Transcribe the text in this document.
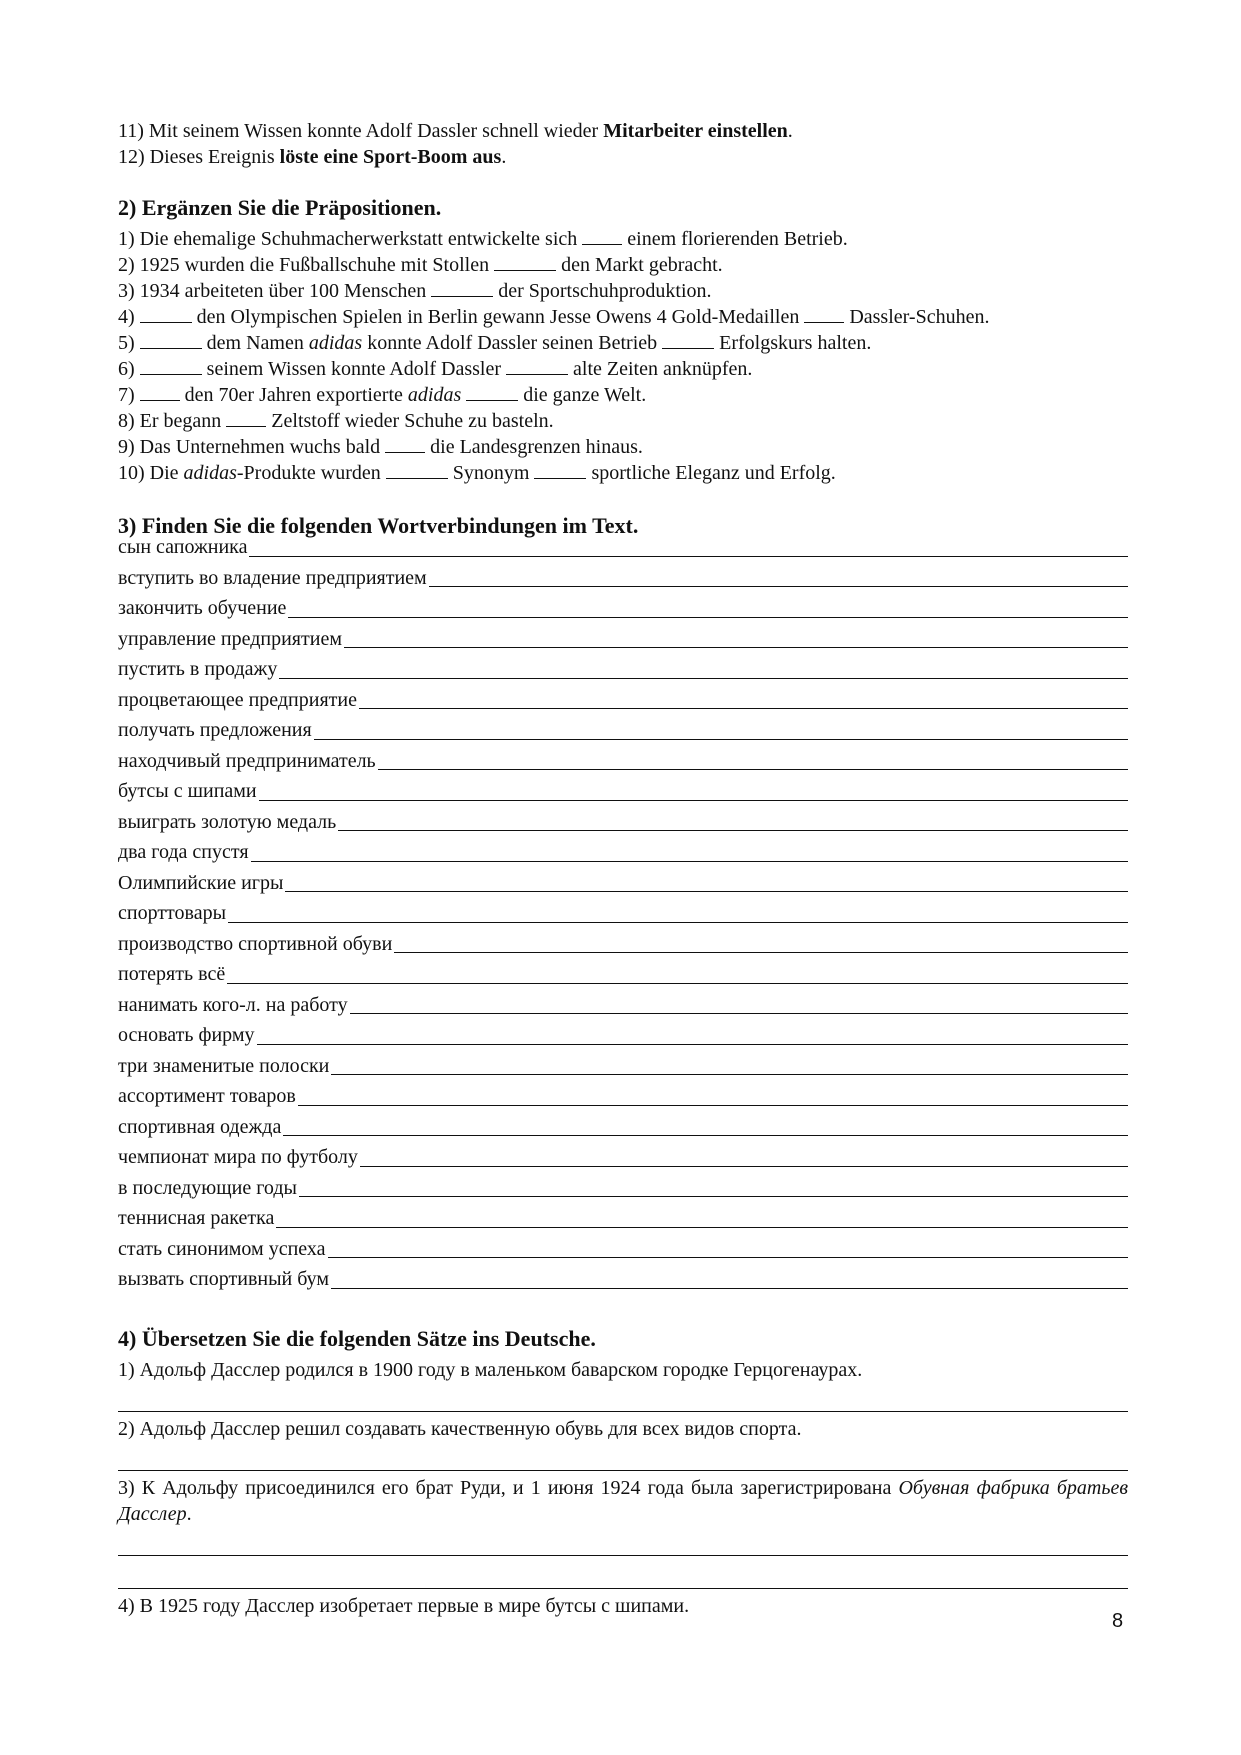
11) Mit seinem Wissen konnte Adolf Dassler schnell wieder Mitarbeiter einstellen.
12) Dieses Ereignis löste eine Sport-Boom aus.
2) Ergänzen Sie die Präpositionen.
1) Die ehemalige Schuhmacherwerkstatt entwickelte sich  einem florierenden Betrieb.
2) 1925 wurden die Fußballschuhe mit Stollen	den Markt gebracht.
3) 1934 arbeiteten über 100 Menschen	der Sportschuhproduktion.
4)	den Olympischen Spielen in Berlin gewann Jesse Owens 4 Gold-Medaillen  Dassler-Schuhen.
5)	dem Namen adidas konnte Adolf Dassler seinen Betrieb	Erfolgskurs halten.
6)	seinem Wissen konnte Adolf Dassler	alte Zeiten anknüpfen.
7)  den 70er Jahren exportierte adidas	die ganze Welt.
8) Er begann  Zeltstoff wieder Schuhe zu basteln.
9) Das Unternehmen wuchs bald  die Landesgrenzen hinaus.
10) Die adidas-Produkte wurden	Synonym	sportliche Eleganz und Erfolg.
3) Finden Sie die folgenden Wortverbindungen im Text.
сын сапожника
вступить во владение предприятием
закончить обучение
управление предприятием
пустить в продажу
процветающее предприятие
получать предложения
находчивый предприниматель
бутсы с шипами
выиграть золотую медаль
два года спустя
Олимпийские игры
спорттовары
производство спортивной обуви
потерять всё
нанимать кого-л. на работу
основать фирму
три знаменитые полоски
ассортимент товаров
спортивная одежда
чемпионат мира по футболу
в последующие годы
теннисная ракетка
стать синонимом успеха
вызвать спортивный бум
4) Übersetzen Sie die folgenden Sätze ins Deutsche.
1) Адольф Дасслер родился в 1900 году в маленьком баварском городке Герцогенаурах.
2) Адольф Дасслер решил создавать качественную обувь для всех видов спорта.
3) К Адольфу присоединился его брат Руди, и 1 июня 1924 года была зарегистрирована Обувная фабрика братьев Дасслер.
4) В 1925 году Дасслер изобретает первые в мире бутсы с шипами.
8
